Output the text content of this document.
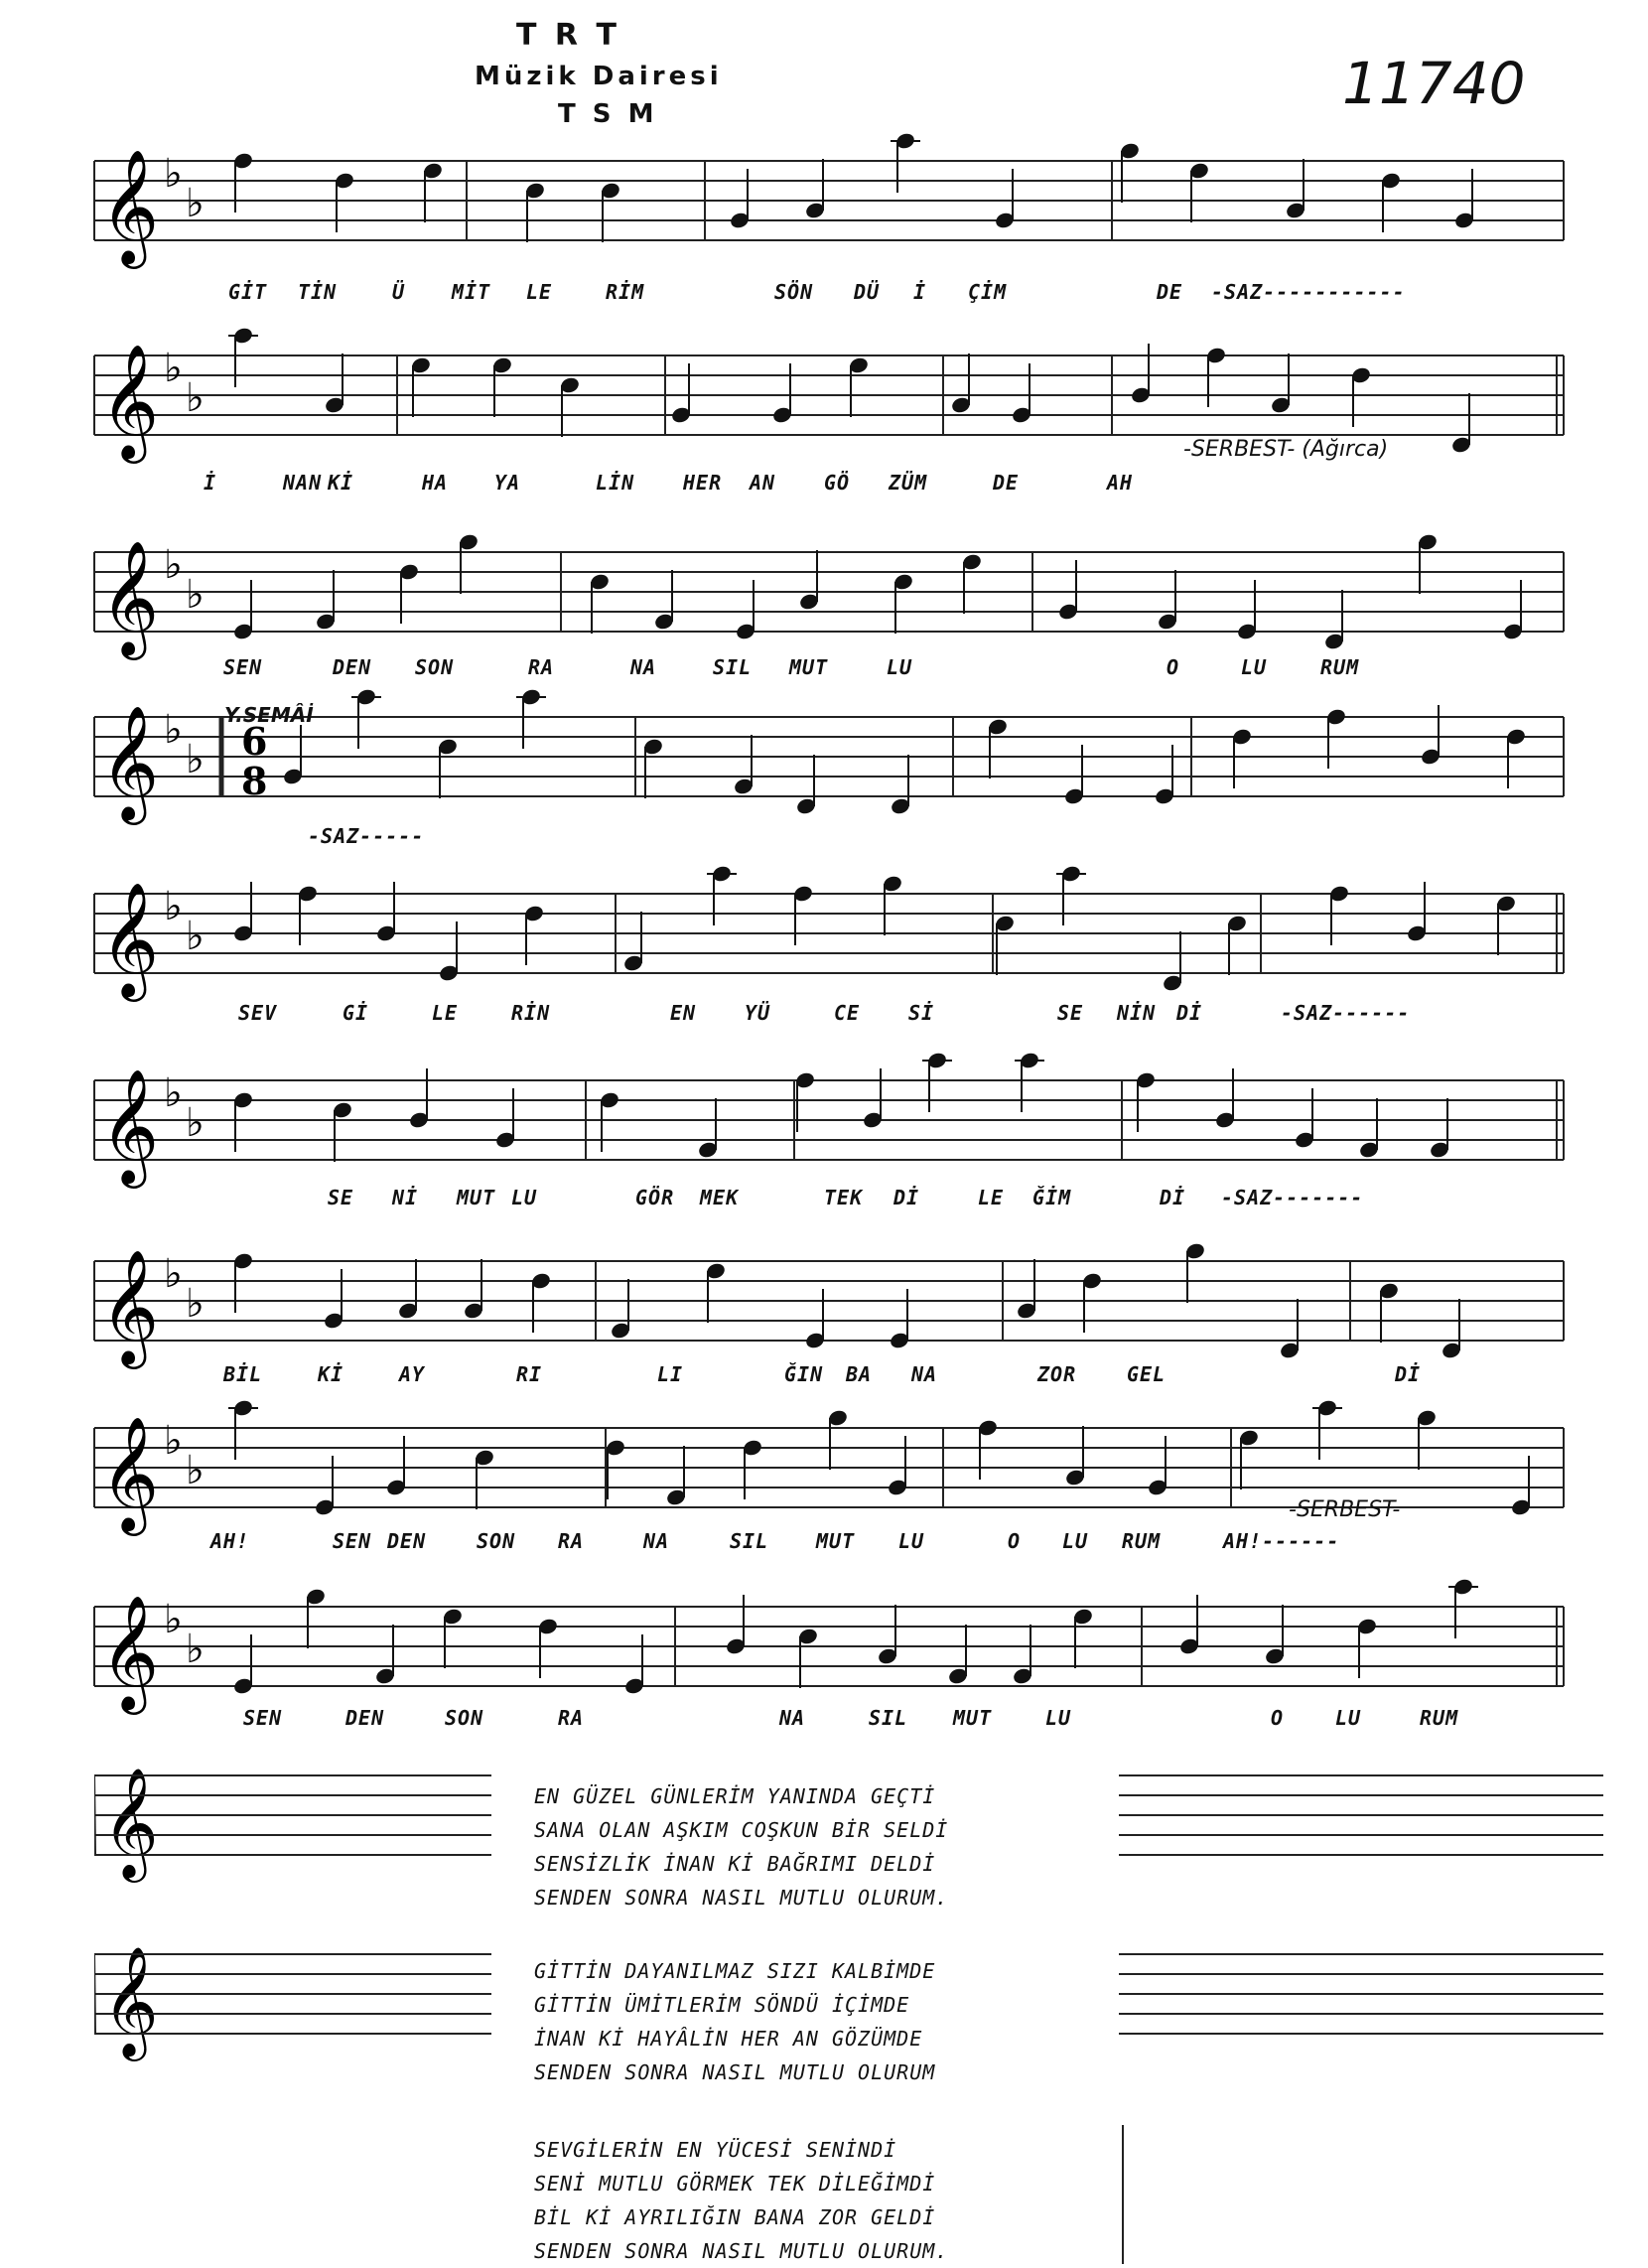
T R T
Müzik Dairesi
T S M	11740
𝄞 ♭
♭
𝄞 ♭
♭
𝄞 ♭
♭
𝄞 ♭
♭ 6
8
𝄞 ♭
♭
𝄞 ♭
♭
𝄞 ♭
♭
𝄞 ♭
♭
𝄞 ♭
♭
GİT TİN	Ü MİT LE	RİM	SÖN DÜ İ ÇİM	DE -SAZ-----------
İ	NAN Kİ	HA YA	LİN HER AN GÖ ZÜM	DE	AH
SEN	DEN SON	RA	NA	SIL MUT	LU	O	LU	RUM
-SAZ-----
SEV	Gİ	LE	RİN	EN YÜ	CE Sİ	SE NİN Dİ	-SAZ------
SE Nİ MUT LU	GÖR MEK	TEK Dİ	LE ĞİM	Dİ -SAZ-------
BİL	Kİ	AY	RI	LI	ĞIN BA NA	ZOR	GEL	Dİ
AH!	SEN DEN	SON RA	NA	SIL MUT LU	O LU RUM	AH!------
SEN	DEN	SON	RA	NA	SIL MUT	LU	O	LU	RUM
-SERBEST- (Ağırca)
Y.SEMÂİ
-SERBEST-
EN GÜZEL GÜNLERİM YANINDA GEÇTİ
SANA OLAN AŞKIM COŞKUN BİR SELDİ
SENSİZLİK İNAN Kİ BAĞRIMI DELDİ
SENDEN SONRA NASIL MUTLU OLURUM.
GİTTİN DAYANILMAZ SIZI KALBİMDE
GİTTİN ÜMİTLERİM SÖNDÜ İÇİMDE
İNAN Kİ HAYÂLİN HER AN GÖZÜMDE
SENDEN SONRA NASIL MUTLU OLURUM
SEVGİLERİN EN YÜCESİ SENİNDİ
SENİ MUTLU GÖRMEK TEK DİLEĞİMDİ
BİL Kİ AYRILIĞIN BANA ZOR GELDİ
SENDEN SONRA NASIL MUTLU OLURUM.
𝄞
𝄞
